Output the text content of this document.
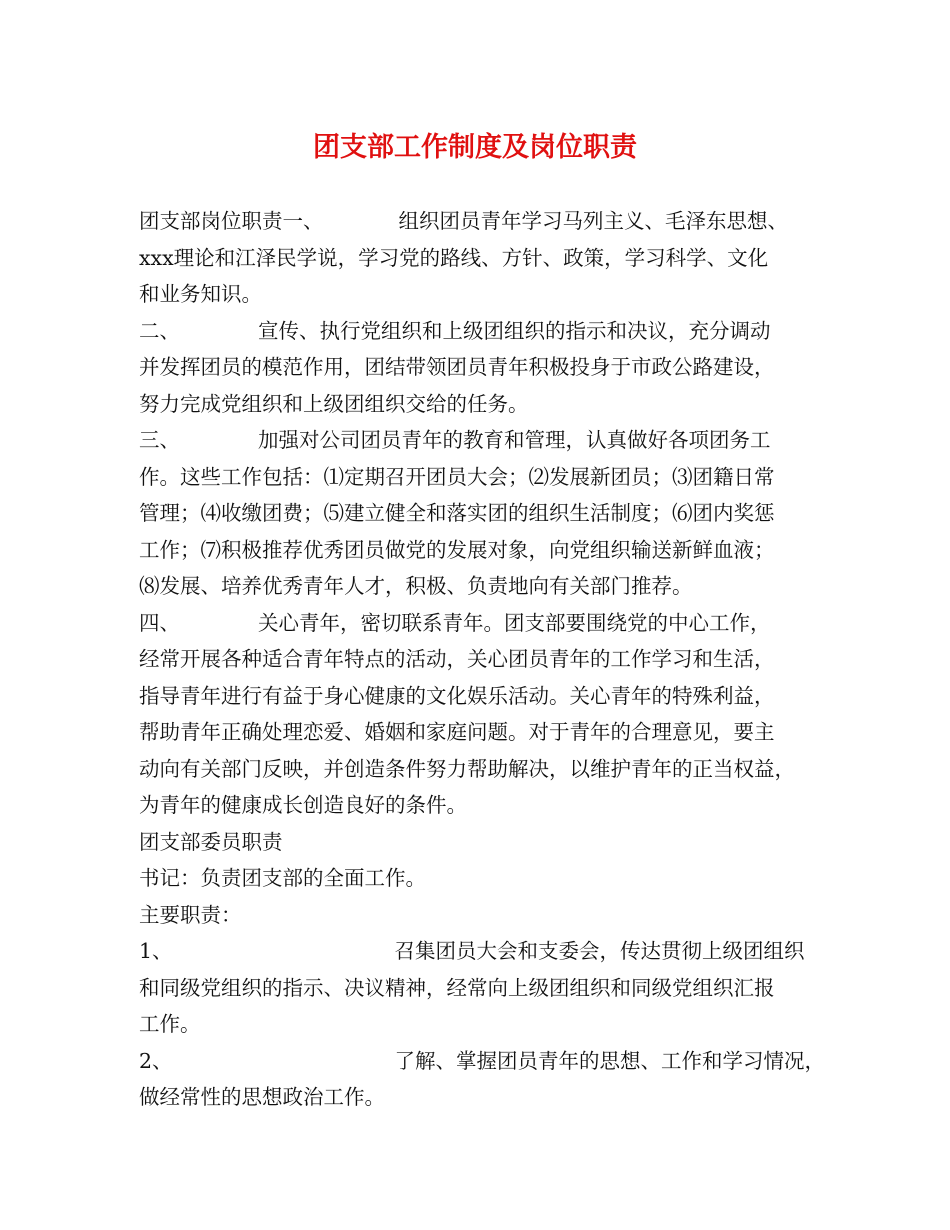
团支部工作制度及岗位职责
团支部岗位职责一、	组织团员青年学习马列主义、毛泽东思想、
xxx理论和江泽民学说，学习党的路线、方针、政策，学习科学、文化
和业务知识。
二、	宣传、执行党组织和上级团组织的指示和决议，充分调动
并发挥团员的模范作用，团结带领团员青年积极投身于市政公路建设，
努力完成党组织和上级团组织交给的任务。
三、	加强对公司团员青年的教育和管理，认真做好各项团务工
作。这些工作包括：⑴定期召开团员大会；⑵发展新团员；⑶团籍日常
管理；⑷收缴团费；⑸建立健全和落实团的组织生活制度；⑹团内奖惩
工作；⑺积极推荐优秀团员做党的发展对象，向党组织输送新鲜血液；
⑻发展、培养优秀青年人才，积极、负责地向有关部门推荐。
四、	关心青年，密切联系青年。团支部要围绕党的中心工作，
经常开展各种适合青年特点的活动，关心团员青年的工作学习和生活，
指导青年进行有益于身心健康的文化娱乐活动。关心青年的特殊利益，
帮助青年正确处理恋爱、婚姻和家庭问题。对于青年的合理意见，要主
动向有关部门反映，并创造条件努力帮助解决，以维护青年的正当权益，
为青年的健康成长创造良好的条件。
团支部委员职责
书记：负责团支部的全面工作。
主要职责：
1、	召集团员大会和支委会，传达贯彻上级团组织
和同级党组织的指示、决议精神，经常向上级团组织和同级党组织汇报
工作。
2、	了解、掌握团员青年的思想、工作和学习情况，
做经常性的思想政治工作。
